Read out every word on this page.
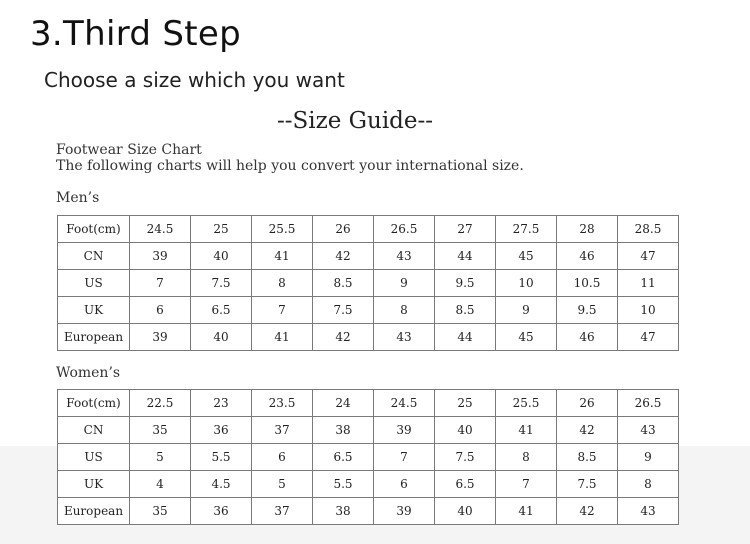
3.Third Step
Choose a size which you want
--Size Guide--
Footwear Size Chart
The following charts will help you convert your international size.
Men’s
Foot(cm)	24.5	25	25.5	26	26.5	27	27.5	28	28.5
CN	39	40	41	42	43	44	45	46	47
US	7	7.5	8	8.5	9	9.5	10	10.5	11
UK	6	6.5	7	7.5	8	8.5	9	9.5	10
European	39	40	41	42	43	44	45	46	47
Women’s
Foot(cm)	22.5	23	23.5	24	24.5	25	25.5	26	26.5
CN	35	36	37	38	39	40	41	42	43
US	5	5.5	6	6.5	7	7.5	8	8.5	9
UK	4	4.5	5	5.5	6	6.5	7	7.5	8
European	35	36	37	38	39	40	41	42	43
